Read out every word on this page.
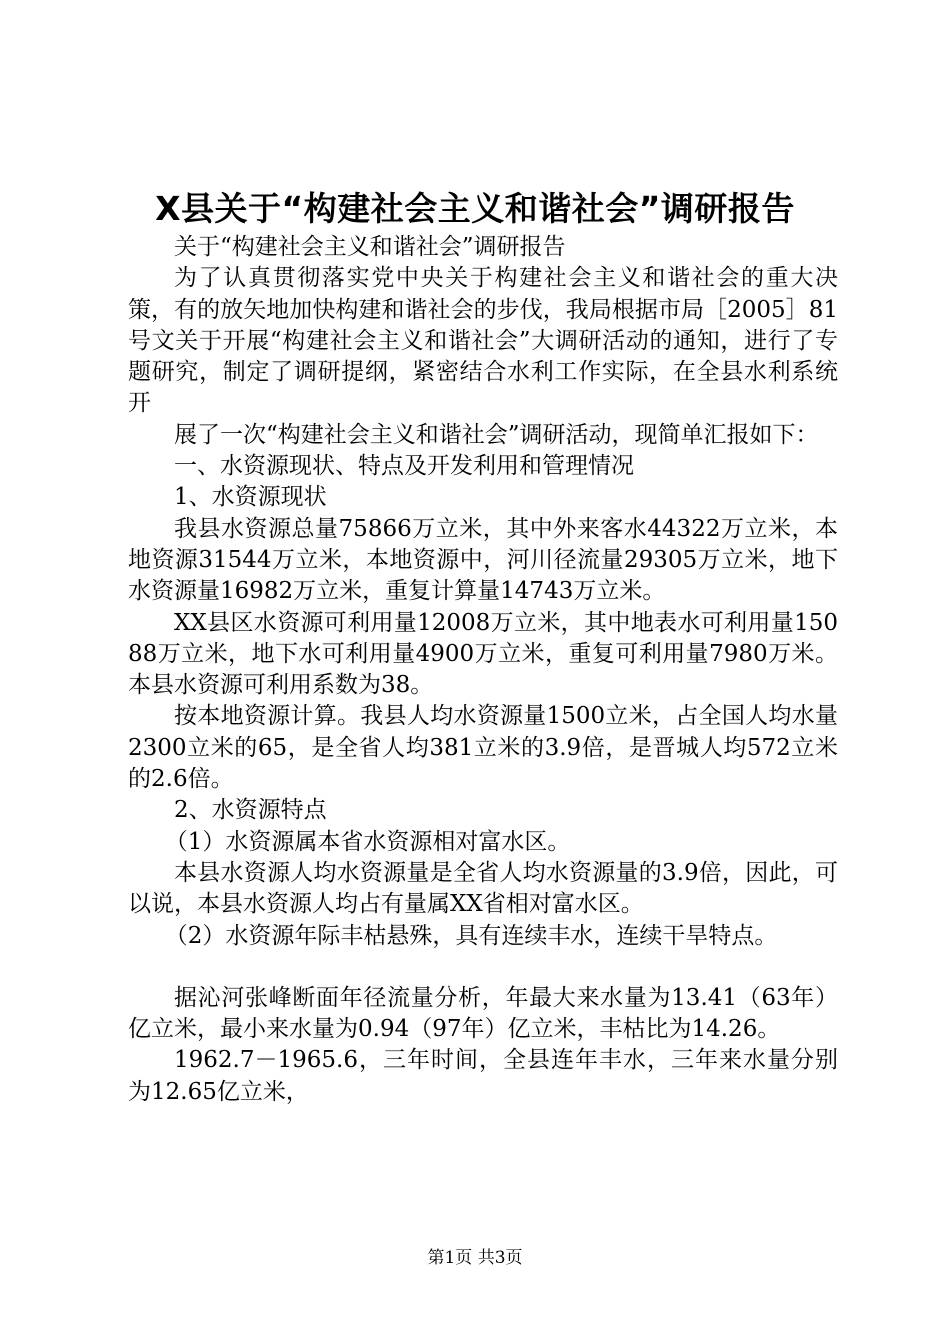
X县关于“构建社会主义和谐社会”调研报告

关于“构建社会主义和谐社会”调研报告

为了认真贯彻落实党中央关于构建社会主义和谐社会的重大决策，有的放矢地加快构建和谐社会的步伐，我局根据市局［2005］81号文关于开展“构建社会主义和谐社会”大调研活动的通知，进行了专题研究，制定了调研提纲，紧密结合水利工作实际，在全县水利系统开

展了一次“构建社会主义和谐社会”调研活动，现简单汇报如下：

一、水资源现状、特点及开发利用和管理情况

1、水资源现状

我县水资源总量75866万立米，其中外来客水44322万立米，本地资源31544万立米，本地资源中，河川径流量29305万立米，地下水资源量16982万立米，重复计算量14743万立米。

XX县区水资源可利用量12008万立米，其中地表水可利用量15088万立米，地下水可利用量4900万立米，重复可利用量7980万米。本县水资源可利用系数为38。

按本地资源计算。我县人均水资源量1500立米，占全国人均水量2300立米的65，是全省人均381立米的3.9倍，是晋城人均572立米的2.6倍。

2、水资源特点

（1）水资源属本省水资源相对富水区。

本县水资源人均水资源量是全省人均水资源量的3.9倍，因此，可以说，本县水资源人均占有量属XX省相对富水区。

（2）水资源年际丰枯悬殊，具有连续丰水，连续干旱特点。

据沁河张峰断面年径流量分析，年最大来水量为13.41（63年）亿立米，最小来水量为0.94（97年）亿立米，丰枯比为14.26。

1962.7－1965.6，三年时间，全县连年丰水，三年来水量分别为12.65亿立米，

第1页 共3页
